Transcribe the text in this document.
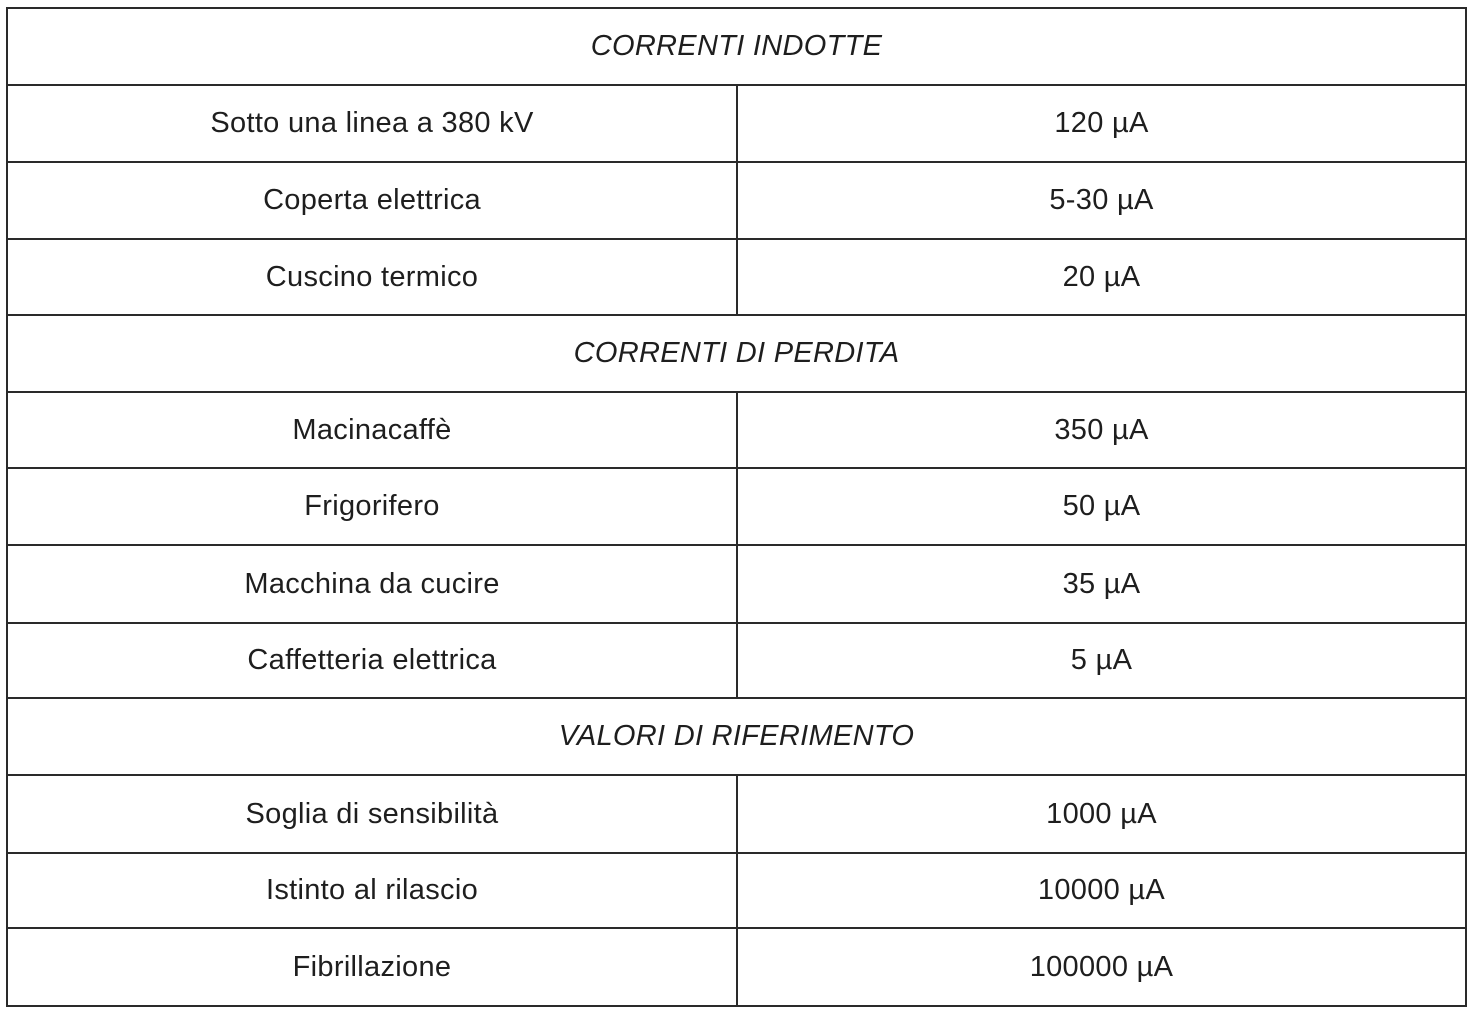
CORRENTI INDOTTE	
Sotto una linea a 380 kV	120 µA
Coperta elettrica	5-30 µA
Cuscino termico	20 µA
CORRENTI DI PERDITA	
Macinacaffè	350 µA
Frigorifero	50 µA
Macchina da cucire	35 µA
Caffetteria elettrica	5 µA
VALORI DI RIFERIMENTO	
Soglia di sensibilità	1000 µA
Istinto al rilascio	10000 µA
Fibrillazione	100000 µA
